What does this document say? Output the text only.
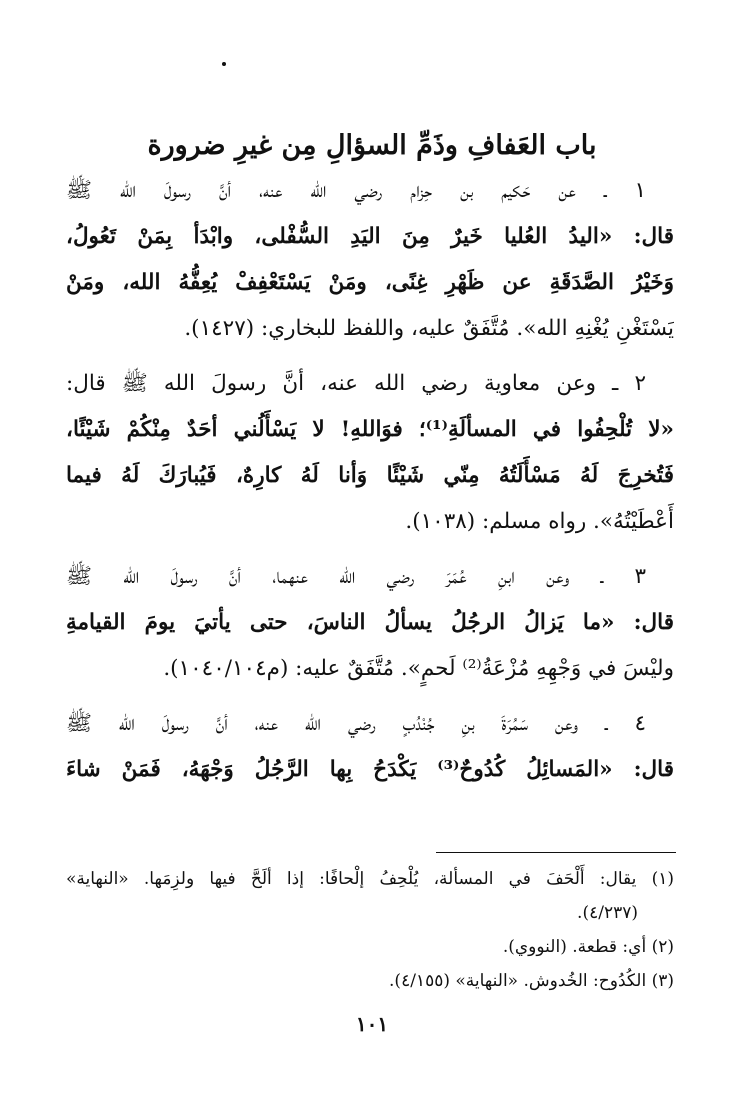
باب العَفافِ وذَمِّ السؤالِ مِن غيرِ ضرورة
١ ـ عن حَكيم بن حِزام رضي الله عنه، أنَّ رسولَ الله ﷺ
قال: «اليدُ العُليا خَيرٌ مِنَ اليَدِ السُّفْلى، وابْدَأ بِمَنْ تَعُولُ،
وَخَيْرُ الصَّدَقَةِ عن ظَهْرِ غِنًى، ومَنْ يَسْتَعْفِفْ يُعِفُّهُ الله، ومَنْ
يَسْتَغْنِ يُغْنِهِ الله». مُتَّفَقٌ عليه، واللفظ للبخاري: (١٤٢٧).
٢ ـ وعن معاوية رضي الله عنه، أنَّ رسولَ الله ﷺ قال:
«لا تُلْحِفُوا في المسألَةِ⁽¹⁾؛ فوَاللهِ! لا يَسْأَلُني أحَدٌ مِنْكُمْ شَيْئًا،
فَتُخرِجَ لَهُ مَسْأَلَتُهُ مِنّي شَيْئًا وَأنا لَهُ كارِهٌ، فَيُبارَكَ لَهُ فيما
أَعْطَيْتُهُ». رواه مسلم: (١٠٣٨).
٣ ـ وعن ابنِ عُمَرَ رضي الله عنهما، أنَّ رسولَ الله ﷺ
قال: «ما يَزالُ الرجُلُ يسألُ الناسَ، حتى يأتيَ يومَ القيامةِ
وليْسَ في وَجْهِهِ مُزْعَةُ⁽²⁾ لَحمٍ». مُتَّفَقٌ عليه: (م١٠٤٠/١٠٤).
٤ ـ وعن سَمُرَةَ بنِ جُنْدُبٍ رضي الله عنه، أنَّ رسولَ الله ﷺ
قال: «المَسائِلُ كُدُوحٌ⁽³⁾ يَكْدَحُ بِها الرَّجُلُ وَجْهَهُ، فَمَنْ شاءَ

(١) يقال: أَلْحَفَ في المسألة، يُلْحِفُ إلْحافًا: إذا ألَحَّ فيها ولزِمَها. «النهاية»
(٤/٢٣٧).

(٢) أي: قطعة. (النووي).

(٣) الكُدُوح: الخُدوش. «النهاية» (٤/١٥٥).

١٠١
